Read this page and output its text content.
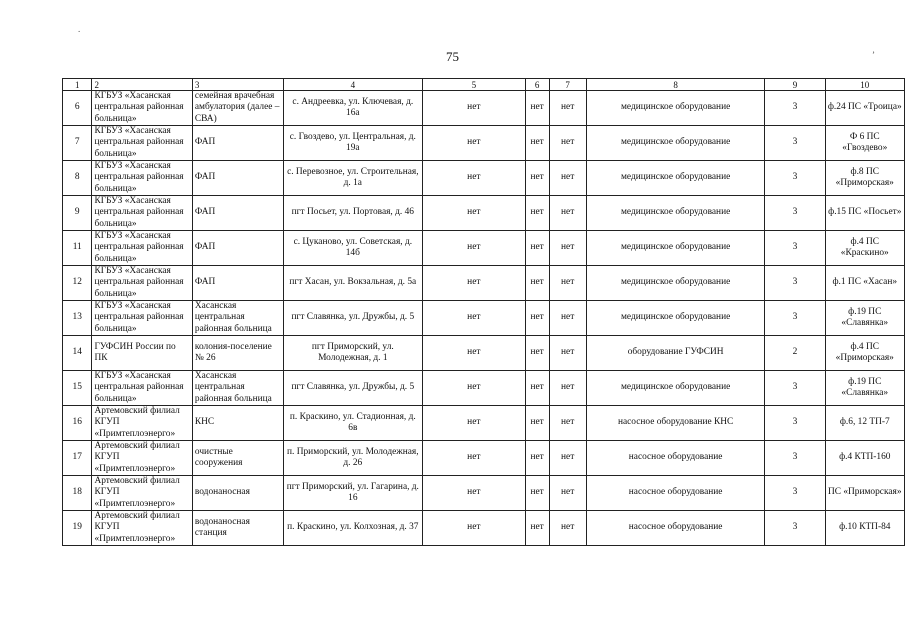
.
75	ʼ
1	2	3	4	5	6	7	8	9	10
6	КГБУЗ «Хасанская центральная районная больница»	семейная врачебная амбулатория (далее – СВА)	с. Андреевка, ул. Ключевая, д. 16а	нет	нет	нет	медицинское оборудование	3	ф.24 ПС «Троица»
7	КГБУЗ «Хасанская центральная районная больница»	ФАП	с. Гвоздево, ул. Центральная, д. 19а	нет	нет	нет	медицинское оборудование	3	Ф 6 ПС «Гвоздево»
8	КГБУЗ «Хасанская центральная районная больница»	ФАП	с. Перевозное, ул. Строительная, д. 1а	нет	нет	нет	медицинское оборудование	3	ф.8 ПС «Приморская»
9	КГБУЗ «Хасанская центральная районная больница»	ФАП	пгт Посьет, ул. Портовая, д. 46	нет	нет	нет	медицинское оборудование	3	ф.15 ПС «Посьет»
11	КГБУЗ «Хасанская центральная районная больница»	ФАП	с. Цуканово, ул. Советская, д. 14б	нет	нет	нет	медицинское оборудование	3	ф.4 ПС «Краскино»
12	КГБУЗ «Хасанская центральная районная больница»	ФАП	пгт Хасан, ул. Вокзальная, д. 5а	нет	нет	нет	медицинское оборудование	3	ф.1 ПС «Хасан»
13	КГБУЗ «Хасанская центральная районная больница»	Хасанская центральная районная больница	пгт Славянка, ул. Дружбы, д. 5	нет	нет	нет	медицинское оборудование	3	ф.19 ПС «Славянка»
14	ГУФСИН России по ПК	колония-поселение № 26	пгт Приморский, ул. Молодежная, д. 1	нет	нет	нет	оборудование ГУФСИН	2	ф.4 ПС «Приморская»
15	КГБУЗ «Хасанская центральная районная больница»	Хасанская центральная районная больница	пгт Славянка, ул. Дружбы, д. 5	нет	нет	нет	медицинское оборудование	3	ф.19 ПС «Славянка»
16	Артемовский филиал КГУП «Примтеплоэнерго»	КНС	п. Краскино, ул. Стадионная, д. 6в	нет	нет	нет	насосное оборудование КНС	3	ф.6, 12 ТП-7
17	Артемовский филиал КГУП «Примтеплоэнерго»	очистные сооружения	п. Приморский, ул. Молодежная, д. 26	нет	нет	нет	насосное оборудование	3	ф.4 КТП-160
18	Артемовский филиал КГУП «Примтеплоэнерго»	водонаносная	пгт Приморский, ул. Гагарина, д. 16	нет	нет	нет	насосное оборудование	3	ПС «Приморская»
19	Артемовский филиал КГУП «Примтеплоэнерго»	водонаносная станция	п. Краскино, ул. Колхозная, д. 37	нет	нет	нет	насосное оборудование	3	ф.10 КТП-84
